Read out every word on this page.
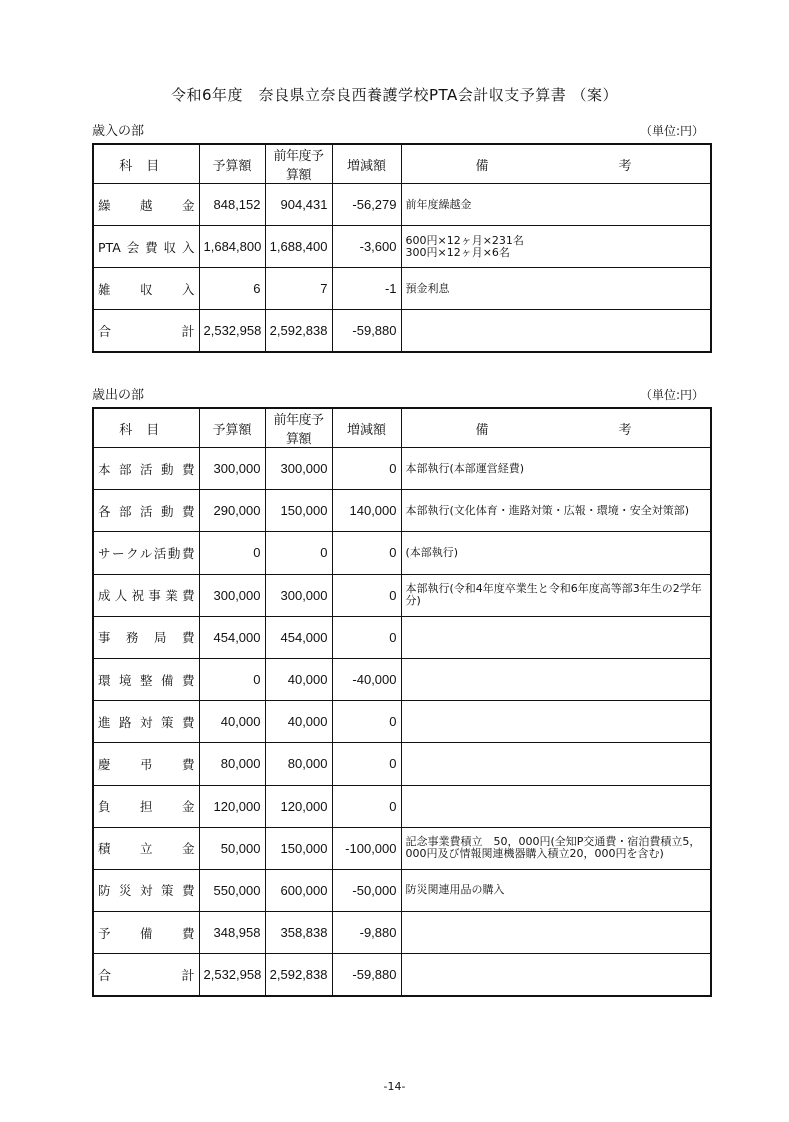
令和6年度　奈良県立奈良西養護学校PTA会計収支予算書 （案）
歳入の部	（単位:円）
科目	予算額	前年度予算額	増減額	備 考
繰越金	848,152	904,431	-56,279	前年度繰越金
PTA会費収入	1,684,800	1,688,400	-3,600	600円×12ヶ月×231名
300円×12ヶ月×6名
雑収入	6	7	-1	預金利息
合計	2,532,958	2,592,838	-59,880	
歳出の部	（単位:円）
科目	予算額	前年度予算額	増減額	備 考
本部活動費	300,000	300,000	0	本部執行(本部運営経費)
各部活動費	290,000	150,000	140,000	本部執行(文化体育・進路対策・広報・環境・安全対策部)
サークル活動費	0	0	0	(本部執行)
成人祝事業費	300,000	300,000	0	本部執行(令和4年度卒業生と令和6年度高等部3年生の2学年分)
事務局費	454,000	454,000	0	
環境整備費	0	40,000	-40,000	
進路対策費	40,000	40,000	0	
慶弔費	80,000	80,000	0	
負担金	120,000	120,000	0	
積立金	50,000	150,000	-100,000	記念事業費積立　50，000円(全知P交通費・宿泊費積立5，000円及び情報関連機器購入積立20，000円を含む)
防災対策費	550,000	600,000	-50,000	防災関連用品の購入
予備費	348,958	358,838	-9,880	
合計	2,532,958	2,592,838	-59,880	
-14-
